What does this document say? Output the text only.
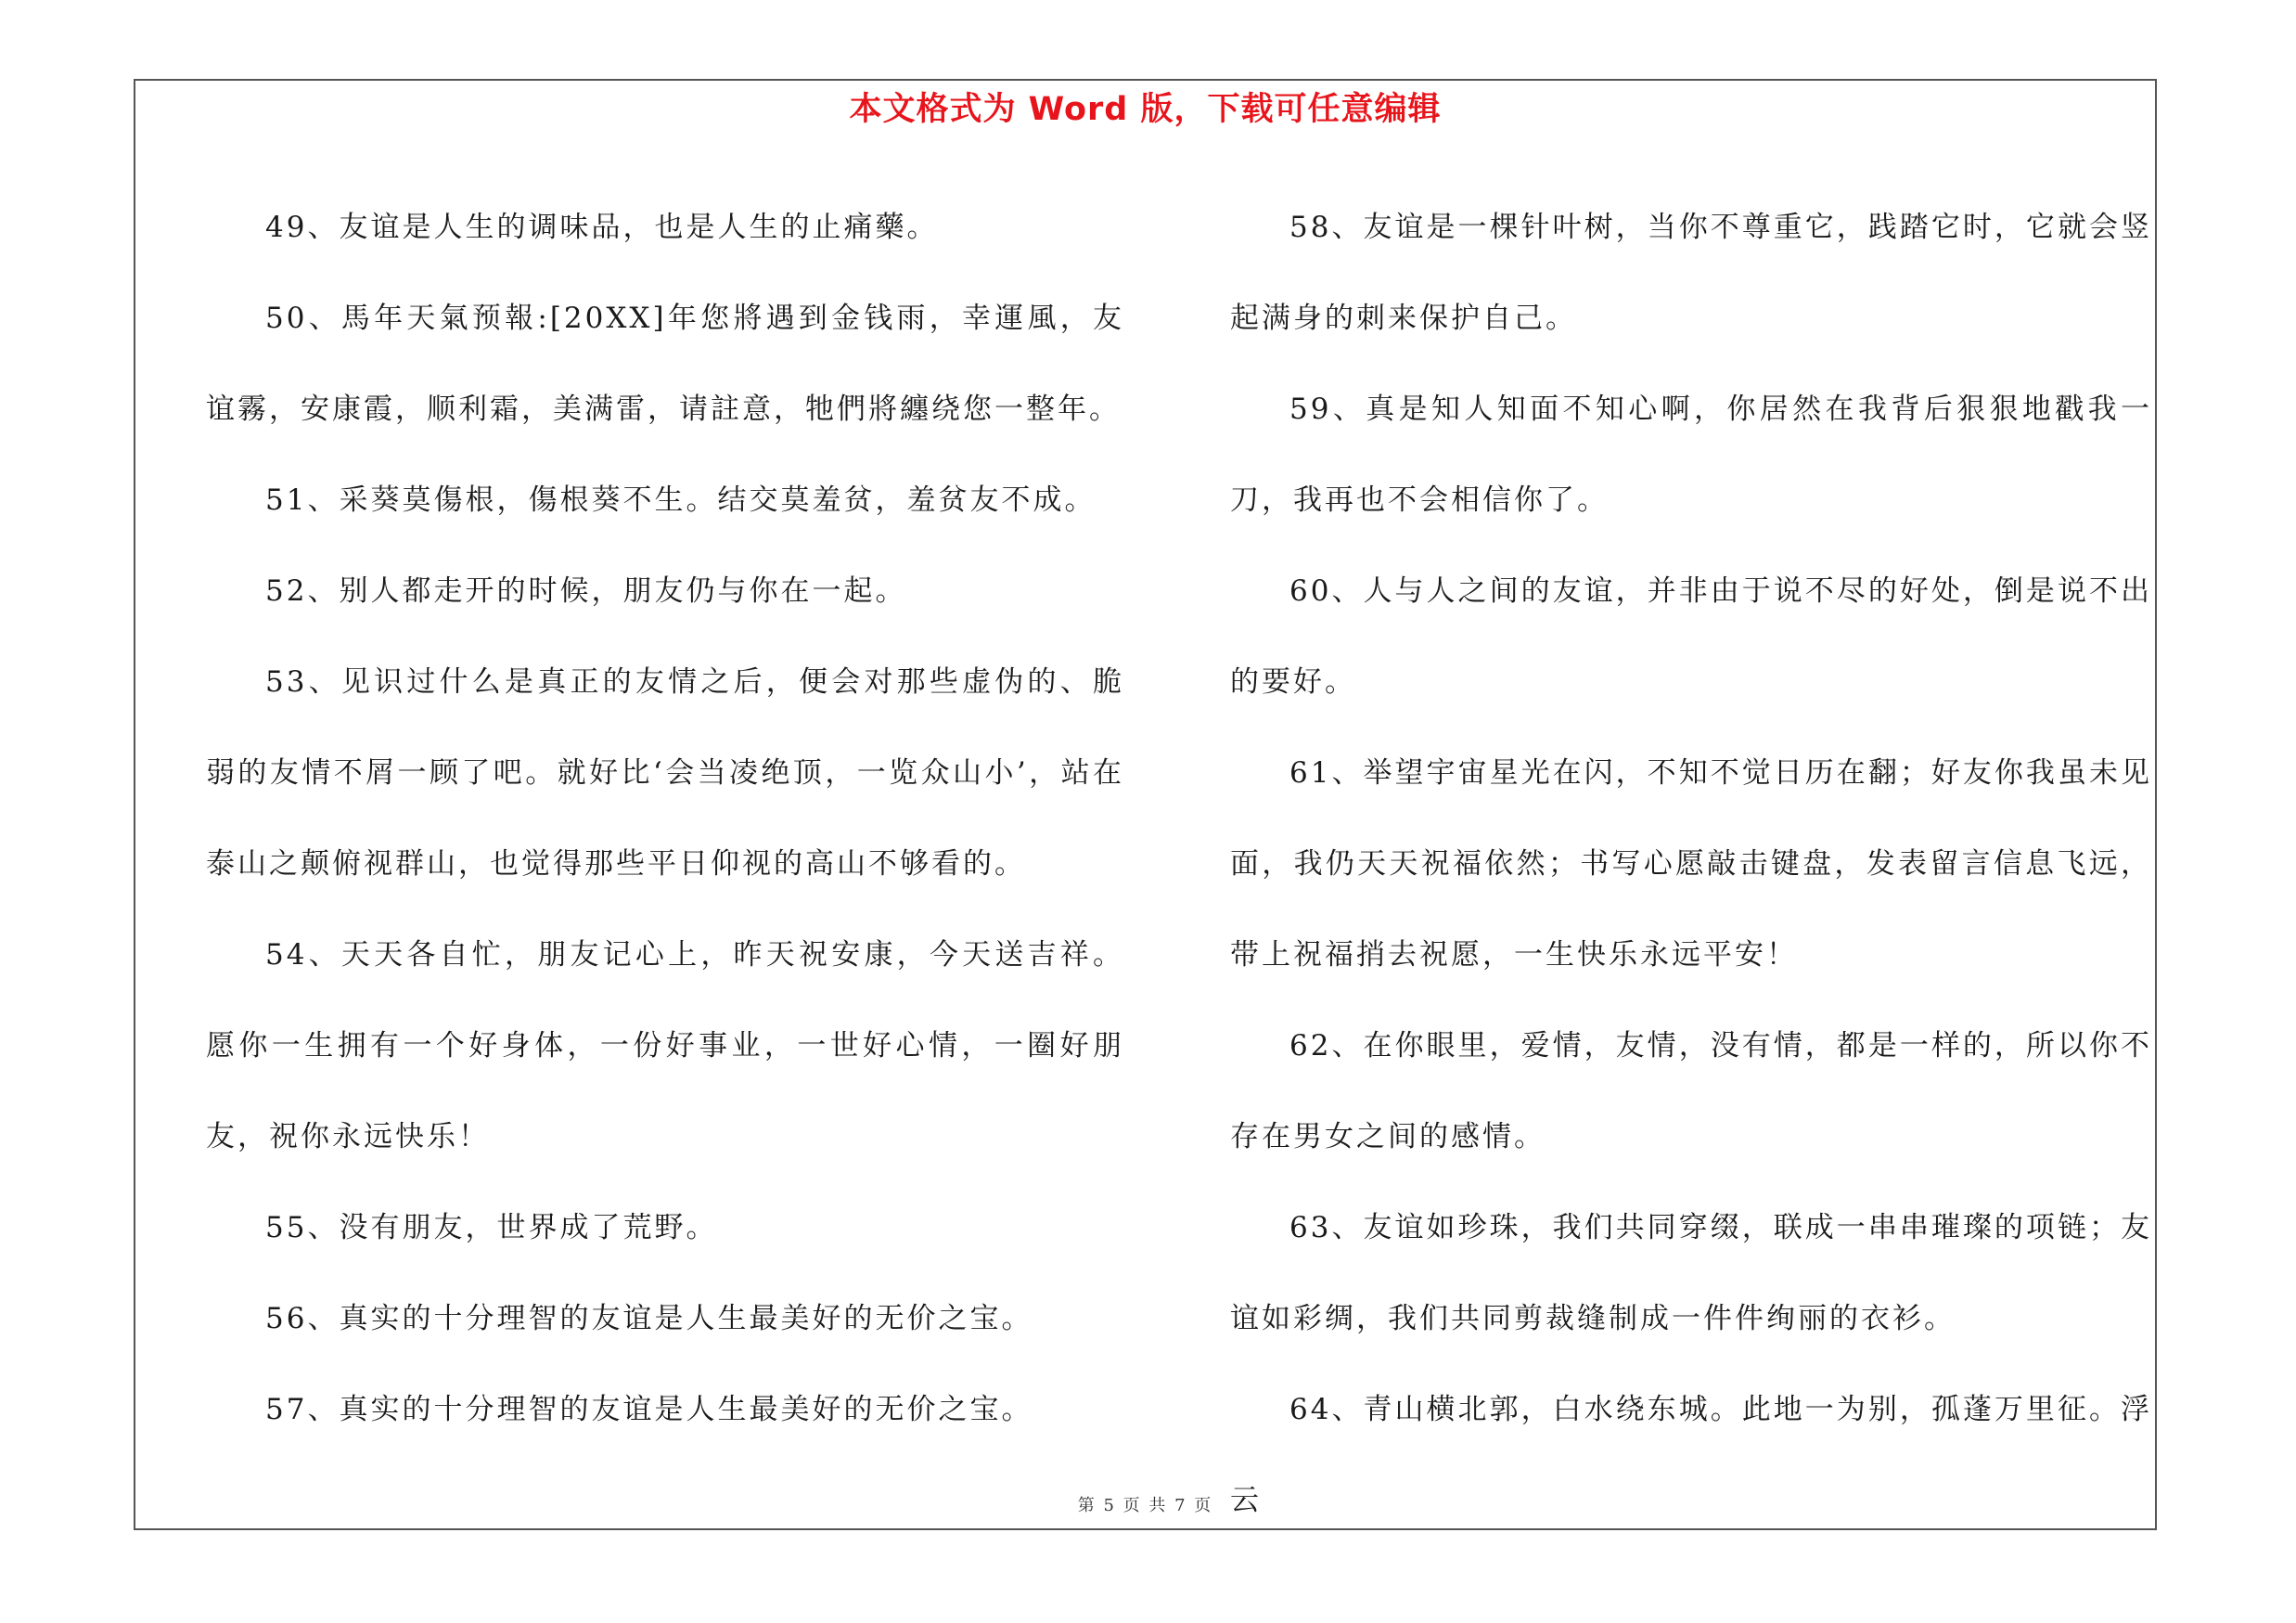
本文格式为 Word 版，下载可任意编辑

49、友谊是人生的调味品，也是人生的止痛藥。

50、馬年天氣预報:[20XX]年您將遇到金钱雨，幸運風，友谊霧，安康霞，顺利霜，美满雷，请註意，牠們將纏绕您一整年。

51、采葵莫傷根，傷根葵不生。结交莫羞贫，羞贫友不成。

52、别人都走开的时候，朋友仍与你在一起。

53、见识过什么是真正的友情之后，便会对那些虚伪的、脆弱的友情不屑一顾了吧。就好比‘会当凌绝顶，一览众山小’，站在泰山之颠俯视群山，也觉得那些平日仰视的高山不够看的。

54、天天各自忙，朋友记心上，昨天祝安康，今天送吉祥。愿你一生拥有一个好身体，一份好事业，一世好心情，一圈好朋友，祝你永远快乐！

55、没有朋友，世界成了荒野。

56、真实的十分理智的友谊是人生最美好的无价之宝。

57、真实的十分理智的友谊是人生最美好的无价之宝。

58、友谊是一棵针叶树，当你不尊重它，践踏它时，它就会竖起满身的刺来保护自己。

59、真是知人知面不知心啊，你居然在我背后狠狠地戳我一刀，我再也不会相信你了。

60、人与人之间的友谊，并非由于说不尽的好处，倒是说不出的要好。

61、举望宇宙星光在闪，不知不觉日历在翻；好友你我虽未见面，我仍天天祝福依然；书写心愿敲击键盘，发表留言信息飞远，带上祝福捎去祝愿，一生快乐永远平安！

62、在你眼里，爱情，友情，没有情，都是一样的，所以你不存在男女之间的感情。

63、友谊如珍珠，我们共同穿缀，联成一串串璀璨的项链；友谊如彩绸，我们共同剪裁缝制成一件件绚丽的衣衫。

64、青山横北郭，白水绕东城。此地一为别，孤蓬万里征。浮云

第 5 页 共 7 页
